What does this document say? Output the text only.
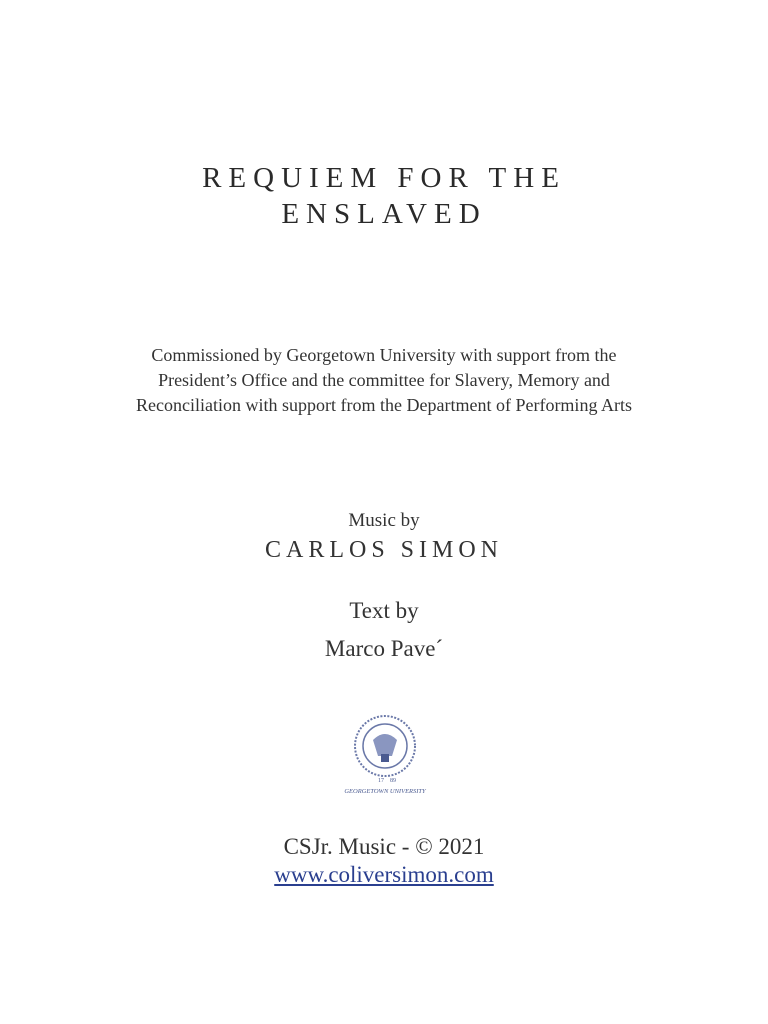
REQUIEM FOR THE
ENSLAVED
Commissioned by Georgetown University with support from the
President’s Office and the committee for Slavery, Memory and
Reconciliation with support from the Department of Performing Arts
Music by
CARLOS SIMON
Text by
Marco Pave´
17 89
GEORGETOWN UNIVERSITY
CSJr. Music - © 2021
www.coliversimon.com
